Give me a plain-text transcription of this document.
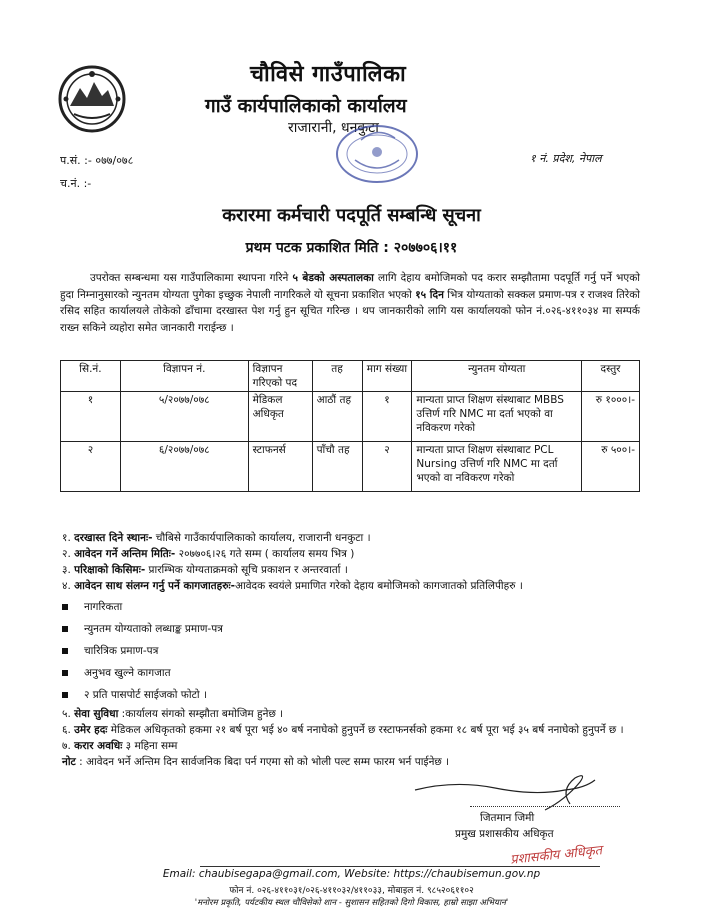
चौविसे गाउँपालिका
गाउँ कार्यपालिकाको कार्यालय
राजारानी, धनकुटा
प.सं. :- ०७७/०७८
च.नं. :-
१ नं. प्रदेश, नेपाल
करारमा कर्मचारी पदपूर्ति सम्बन्धि सूचना
प्रथम पटक प्रकाशित मिति : २०७७०६।११
उपरोक्त सम्बन्धमा यस गाउँपालिकामा स्थापना गरिने ५ बेडको अस्पतालका लागि देहाय बमोजिमको पद करार सम्झौतामा पदपूर्ति गर्नु पर्ने भएको हुदा निम्नानुसारको न्युनतम योग्यता पुगेका इच्छुक नेपाली नागरिकले यो सूचना प्रकाशित भएको १५ दिन भित्र योग्यताको सक्कल प्रमाण-पत्र र राजश्व तिरेको रसिद सहित कार्यालयले तोकेको ढाँचामा दरखास्त पेश गर्नु हुन सूचित गरिन्छ । थप जानकारीको लागि यस कार्यालयको फोन नं.०२६-४११०३४ मा सम्पर्क राख्न सकिने व्यहोरा समेत जानकारी गराईन्छ ।
सि.नं.	विज्ञापन नं.	विज्ञापन गरिएको पद	तह	माग संख्या	न्युनतम योग्यता	दस्तुर
१	५/२०७७/०७८	मेडिकल अधिकृत	आठौं तह	१	मान्यता प्राप्त शिक्षण संस्थाबाट MBBS उत्तिर्ण गरि NMC मा दर्ता भएको वा नविकरण गरेको	रु १०००।-
२	६/२०७७/०७८	स्टाफनर्स	पाँचौ तह	२	मान्यता प्राप्त शिक्षण संस्थाबाट PCL Nursing उत्तिर्ण गरि NMC मा दर्ता भएको वा नविकरण गरेको	रु ५००।-
१. दरखास्त दिने स्थानः- चौबिसे गाउँकार्यपालिकाको कार्यालय, राजारानी धनकुटा ।
२. आवेदन गर्ने अन्तिम मितिः- २०७७०६।२६ गते सम्म ( कार्यालय समय भित्र )
३. परिक्षाको किसिमः- प्रारम्भिक योग्यताक्रमको सूचि प्रकाशन र अन्तरवार्ता ।
४. आवेदन साथ संलग्न गर्नु पर्ने कागजातहरुः-आवेदक स्वयंले प्रमाणित गरेको देहाय बमोजिमको कागजातको प्रतिलिपीहरु ।
नागरिकता
न्युनतम योग्यताको लब्धाङ्क प्रमाण-पत्र
चारित्रिक प्रमाण-पत्र
अनुभव खुल्ने कागजात
२ प्रति पासपोर्ट साईजको फोटो ।
५. सेवा सुविधा :कार्यालय संगको सम्झौता बमोजिम हुनेछ ।
६. उमेर हदः मेडिकल अधिकृतको हकमा २१ बर्ष पूरा भई ४० बर्ष ननाघेको हुनुपर्ने छ रस्टाफनर्सको हकमा १८ बर्ष पूरा भई ३५ बर्ष ननाघेको हुनुपर्ने छ ।
७. करार अवधिः ३ महिना सम्म
नोट : आवेदन भर्ने अन्तिम दिन सार्वजनिक बिदा पर्न गएमा सो को भोली पल्ट सम्म फारम भर्न पाईनेछ ।
जितमान जिमी
प्रमुख प्रशासकीय अधिकृत
प्रशासकीय अधिकृत
Email: chaubisegapa@gmail.com, Website: https://chaubisemun.gov.np
फोन नं. ०२६-४११०३१/०२६-४११०३२/४११०३३, मोबाइल नं. ९८५२०६११०२
'मनोरम प्रकृति, पर्यटकीय स्थल चौविसेको शान - सुशासन सहितको दिगो विकास, हाम्रो साझा अभियान'
